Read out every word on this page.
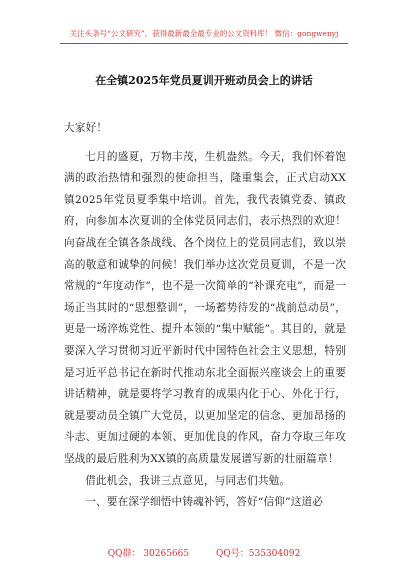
关注头条号“公文研究”，获得最新最全最专业的公文资料库！ 微信：gongwenyj
在全镇2025年党员夏训开班动员会上的讲话

大家好！

七月的盛夏，万物丰茂，生机盎然。今天，我们怀着饱满的政治热情和强烈的使命担当，隆重集会，正式启动XX镇2025年党员夏季集中培训。首先，我代表镇党委、镇政府，向参加本次夏训的全体党员同志们，表示热烈的欢迎！向奋战在全镇各条战线、各个岗位上的党员同志们，致以崇高的敬意和诚挚的问候！我们举办这次党员夏训，不是一次常规的“年度动作”，也不是一次简单的“补课充电”，而是一场正当其时的“思想整训”，一场蓄势待发的“战前总动员”，更是一场淬炼党性、提升本领的“集中赋能”。其目的，就是要深入学习贯彻习近平新时代中国特色社会主义思想，特别是习近平总书记在新时代推动东北全面振兴座谈会上的重要讲话精神，就是要将学习教育的成果内化于心、外化于行，就是要动员全镇广大党员，以更加坚定的信念、更加昂扬的斗志、更加过硬的本领、更加优良的作风，奋力夺取三年攻坚战的最后胜利为XX镇的高质量发展谱写新的壮丽篇章！

借此机会，我讲三点意见，与同志们共勉。

一、要在深学细悟中铸魂补钙，答好“信仰”这道必

QQ群： 30265665	QQ号：535304092
